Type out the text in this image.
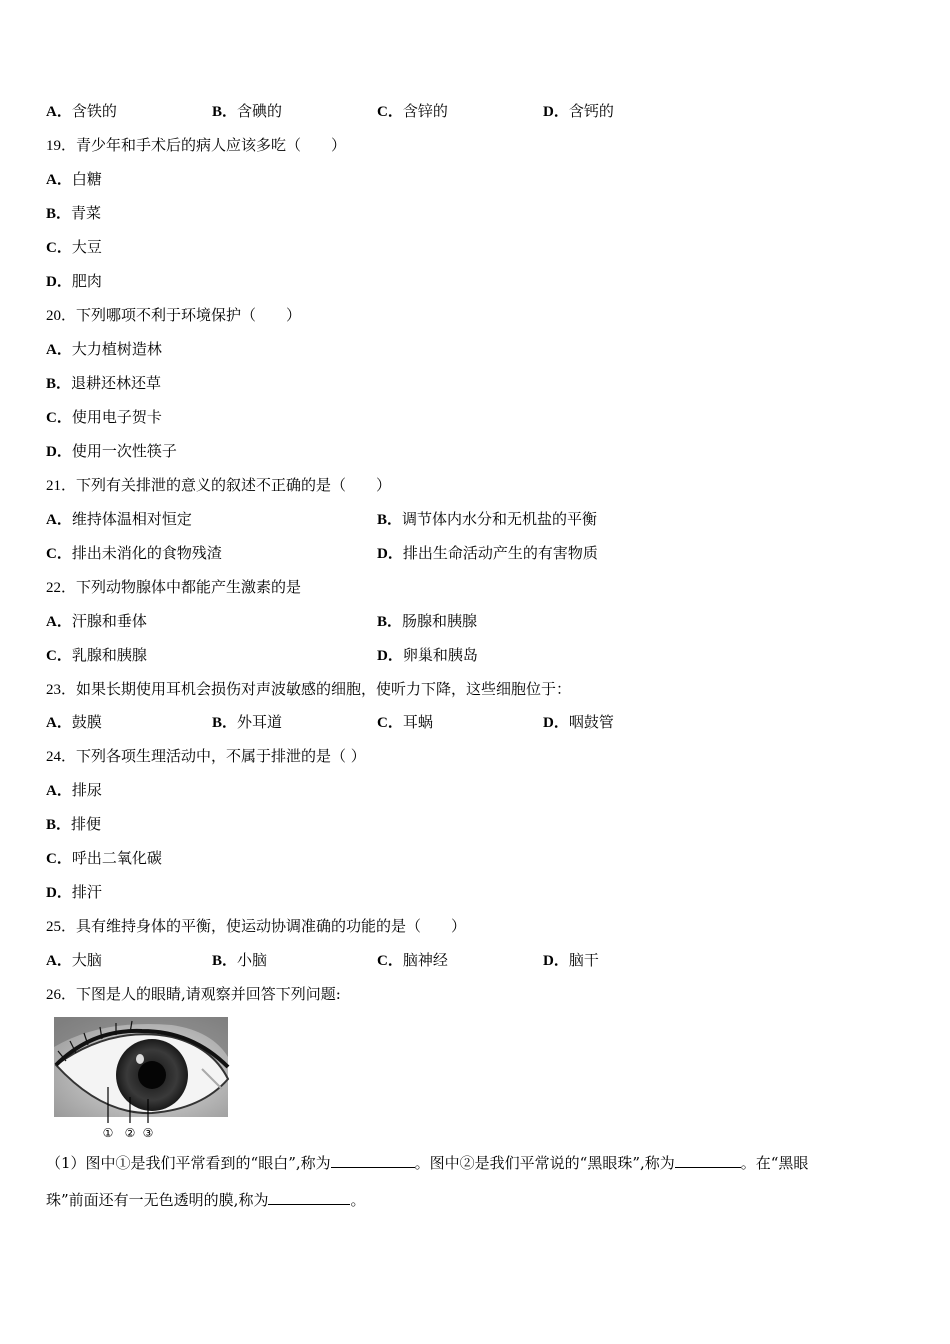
A．含铁的	B．含碘的	C．含锌的	D．含钙的
19．青少年和手术后的病人应该多吃（　　）
A．白糖
B．青菜
C．大豆
D．肥肉
20．下列哪项不利于环境保护（　　）
A．大力植树造林
B．退耕还林还草
C．使用电子贺卡
D．使用一次性筷子
21．下列有关排泄的意义的叙述不正确的是（　　）
A．维持体温相对恒定	B．调节体内水分和无机盐的平衡
C．排出未消化的食物残渣	D．排出生命活动产生的有害物质
22．下列动物腺体中都能产生激素的是
A．汗腺和垂体	B．肠腺和胰腺
C．乳腺和胰腺	D．卵巢和胰岛
23．如果长期使用耳机会损伤对声波敏感的细胞，使听力下降，这些细胞位于：
A．鼓膜	B．外耳道	C．耳蜗	D．咽鼓管
24．下列各项生理活动中，不属于排泄的是（ ）
A．排尿
B．排便
C．呼出二氧化碳
D．排汗
25．具有维持身体的平衡，使运动协调准确的功能的是（　　）
A．大脑	B．小脑	C．脑神经	D．脑干
26．下图是人的眼睛,请观察并回答下列问题:
① ② ③
（1）图中①是我们平常看到的“眼白”,称为	。图中②是我们平常说的“黑眼珠”,称为	。在“黑眼
珠”前面还有一无色透明的膜,称为	。
